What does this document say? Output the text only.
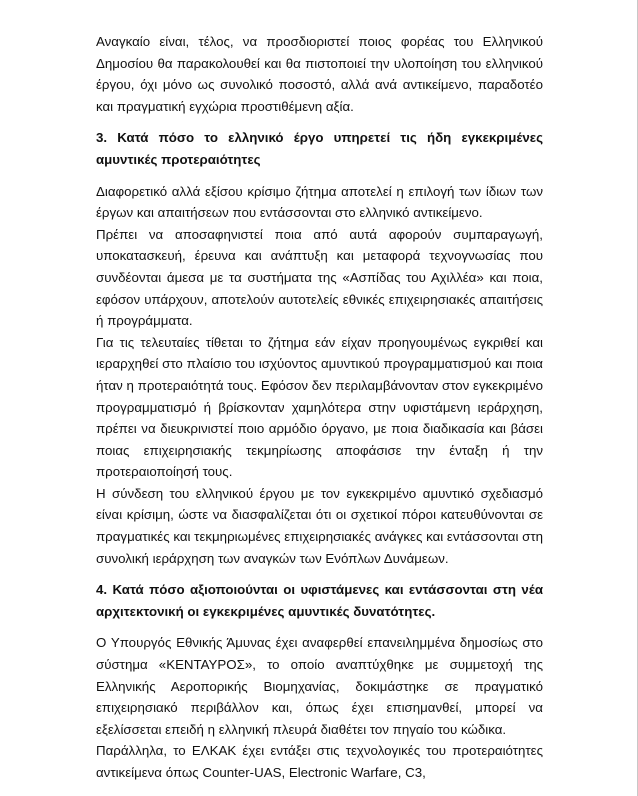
Αναγκαίο είναι, τέλος, να προσδιοριστεί ποιος φορέας του Ελληνικού Δημοσίου θα παρακολουθεί και θα πιστοποιεί την υλοποίηση του ελληνικού έργου, όχι μόνο ως συνολικό ποσοστό, αλλά ανά αντικείμενο, παραδοτέο και πραγματική εγχώρια προστιθέμενη αξία.

3. Κατά πόσο το ελληνικό έργο υπηρετεί τις ήδη εγκεκριμένες αμυντικές προτεραιότητες

Διαφορετικό αλλά εξίσου κρίσιμο ζήτημα αποτελεί η επιλογή των ίδιων των έργων και απαιτήσεων που εντάσσονται στο ελληνικό αντικείμενο.

Πρέπει να αποσαφηνιστεί ποια από αυτά αφορούν συμπαραγωγή, υποκατασκευή, έρευνα και ανάπτυξη και μεταφορά τεχνογνωσίας που συνδέονται άμεσα με τα συστήματα της «Ασπίδας του Αχιλλέα» και ποια, εφόσον υπάρχουν, αποτελούν αυτοτελείς εθνικές επιχειρησιακές απαιτήσεις ή προγράμματα.

Για τις τελευταίες τίθεται το ζήτημα εάν είχαν προηγουμένως εγκριθεί και ιεραρχηθεί στο πλαίσιο του ισχύοντος αμυντικού προγραμματισμού και ποια ήταν η προτεραιότητά τους. Εφόσον δεν περιλαμβάνονταν στον εγκεκριμένο προγραμματισμό ή βρίσκονταν χαμηλότερα στην υφιστάμενη ιεράρχηση, πρέπει να διευκρινιστεί ποιο αρμόδιο όργανο, με ποια διαδικασία και βάσει ποιας επιχειρησιακής τεκμηρίωσης αποφάσισε την ένταξη ή την προτεραιοποίησή τους.

Η σύνδεση του ελληνικού έργου με τον εγκεκριμένο αμυντικό σχεδιασμό είναι κρίσιμη, ώστε να διασφαλίζεται ότι οι σχετικοί πόροι κατευθύνονται σε πραγματικές και τεκμηριωμένες επιχειρησιακές ανάγκες και εντάσσονται στη συνολική ιεράρχηση των αναγκών των Ενόπλων Δυνάμεων.

4. Κατά πόσο αξιοποιούνται οι υφιστάμενες και εντάσσονται στη νέα αρχιτεκτονική οι εγκεκριμένες αμυντικές δυνατότητες.

Ο Υπουργός Εθνικής Άμυνας έχει αναφερθεί επανειλημμένα δημοσίως στο σύστημα «ΚΕΝΤΑΥΡΟΣ», το οποίο αναπτύχθηκε με συμμετοχή της Ελληνικής Αεροπορικής Βιομηχανίας, δοκιμάστηκε σε πραγματικό επιχειρησιακό περιβάλλον και, όπως έχει επισημανθεί, μπορεί να εξελίσσεται επειδή η ελληνική πλευρά διαθέτει τον πηγαίο του κώδικα.

Παράλληλα, το ΕΛΚΑΚ έχει εντάξει στις τεχνολογικές του προτεραιότητες αντικείμενα όπως Counter-UAS, Electronic Warfare, C3,
